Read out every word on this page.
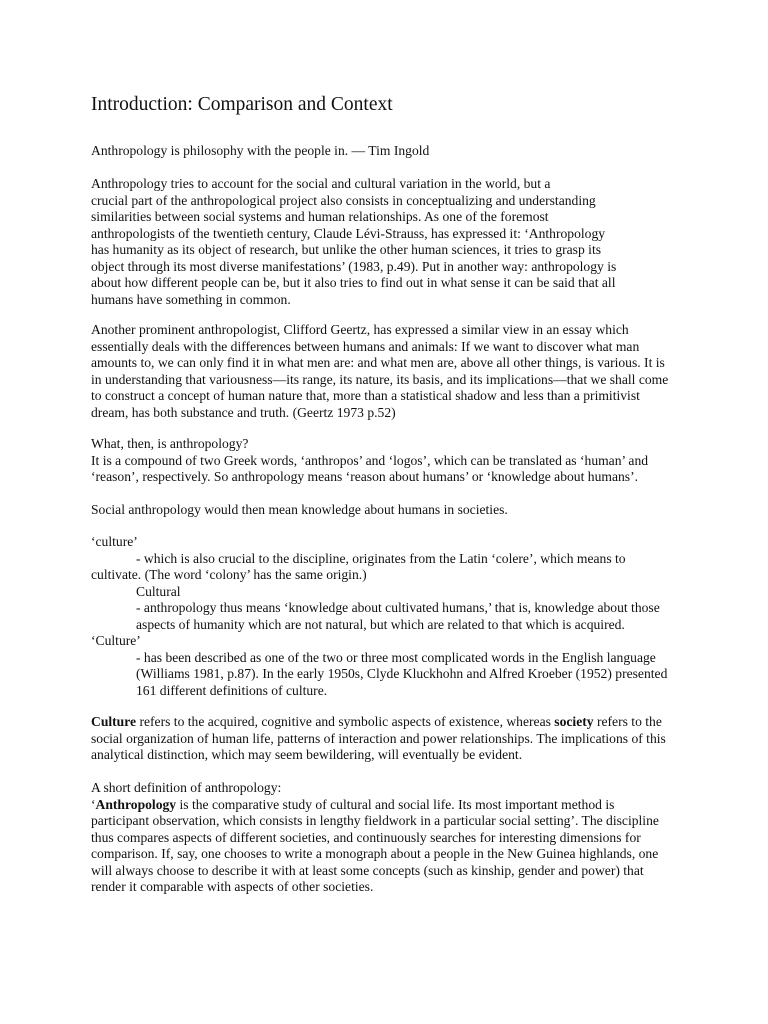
Introduction: Comparison and Context
Anthropology is philosophy with the people in. — Tim Ingold
Anthropology tries to account for the social and cultural variation in the world, but a
crucial part of the anthropological project also consists in conceptualizing and understanding
similarities between social systems and human relationships. As one of the foremost
anthropologists of the twentieth century, Claude Lévi-Strauss, has expressed it: ‘Anthropology
has humanity as its object of research, but unlike the other human sciences, it tries to grasp its
object through its most diverse manifestations’ (1983, p.49). Put in another way: anthropology is
about how different people can be, but it also tries to find out in what sense it can be said that all
humans have something in common.
Another prominent anthropologist, Clifford Geertz, has expressed a similar view in an essay which
essentially deals with the differences between humans and animals: If we want to discover what man
amounts to, we can only find it in what men are: and what men are, above all other things, is various. It is
in understanding that variousness—its range, its nature, its basis, and its implications—that we shall come
to construct a concept of human nature that, more than a statistical shadow and less than a primitivist
dream, has both substance and truth. (Geertz 1973 p.52)
What, then, is anthropology?
It is a compound of two Greek words, ‘anthropos’ and ‘logos’, which can be translated as ‘human’ and
‘reason’, respectively. So anthropology means ‘reason about humans’ or ‘knowledge about humans’.
Social anthropology would then mean knowledge about humans in societies.
‘culture’
- which is also crucial to the discipline, originates from the Latin ‘colere’, which means to
cultivate. (The word ‘colony’ has the same origin.)
Cultural
- anthropology thus means ‘knowledge about cultivated humans,’ that is, knowledge about those
aspects of humanity which are not natural, but which are related to that which is acquired.
‘Culture’
- has been described as one of the two or three most complicated words in the English language
(Williams 1981, p.87). In the early 1950s, Clyde Kluckhohn and Alfred Kroeber (1952) presented
161 different definitions of culture.
Culture refers to the acquired, cognitive and symbolic aspects of existence, whereas society refers to the
social organization of human life, patterns of interaction and power relationships. The implications of this
analytical distinction, which may seem bewildering, will eventually be evident.
A short definition of anthropology:
‘Anthropology is the comparative study of cultural and social life. Its most important method is
participant observation, which consists in lengthy fieldwork in a particular social setting’. The discipline
thus compares aspects of different societies, and continuously searches for interesting dimensions for
comparison. If, say, one chooses to write a monograph about a people in the New Guinea highlands, one
will always choose to describe it with at least some concepts (such as kinship, gender and power) that
render it comparable with aspects of other societies.
